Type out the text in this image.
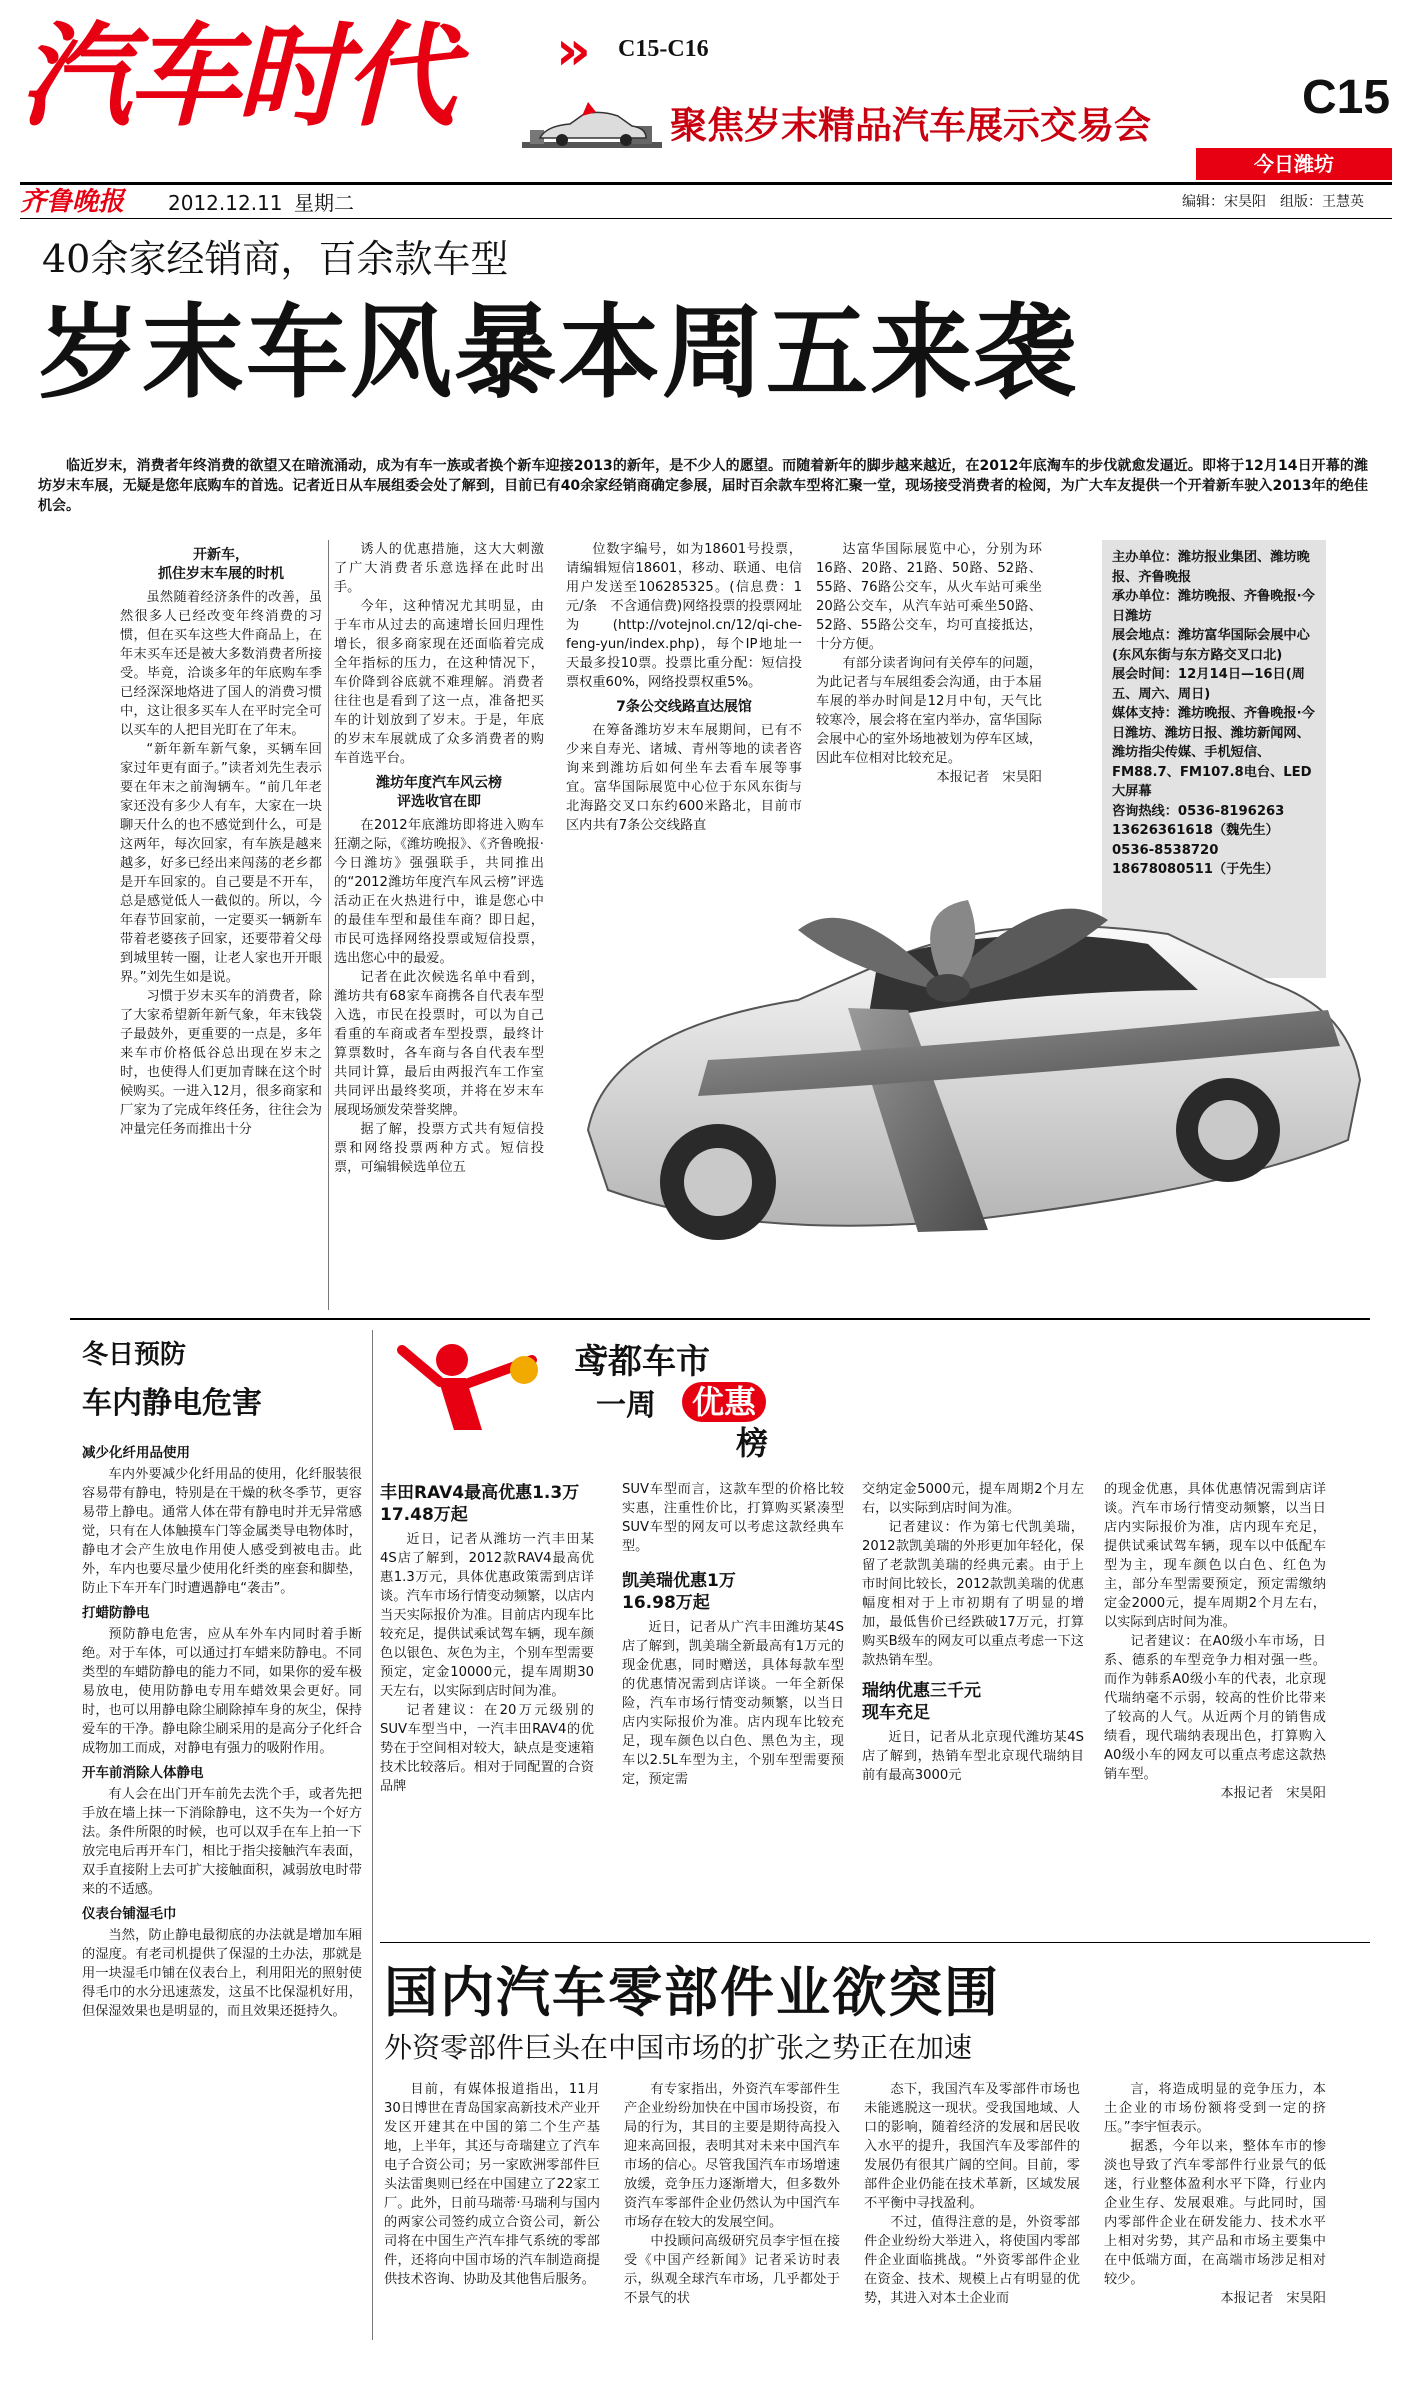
汽车时代 » C15-C16
聚焦岁末精品汽车展示交易会
C15
今日潍坊
齐鲁晚报 2012.12.11 星期二	编辑：宋昊阳　组版：王慧英
40余家经销商，百余款车型
岁末车风暴本周五来袭

临近岁末，消费者年终消费的欲望又在暗流涌动，成为有车一族或者换个新车迎接2013的新年，是不少人的愿望。而随着新年的脚步越来越近，在2012年底淘车的步伐就愈发逼近。即将于12月14日开幕的潍坊岁末车展，无疑是您年底购车的首选。记者近日从车展组委会处了解到，目前已有40余家经销商确定参展，届时百余款车型将汇聚一堂，现场接受消费者的检阅，为广大车友提供一个开着新车驶入2013年的绝佳机会。

开新车，
抓住岁末车展的时机

虽然随着经济条件的改善，虽然很多人已经改变年终消费的习惯，但在买车这些大件商品上，在年末买车还是被大多数消费者所接受。毕竟，洽谈多年的年底购车季已经深深地烙进了国人的消费习惯中，这让很多买车人在平时完全可以买车的人把目光盯在了年末。

“新年新车新气象，买辆车回家过年更有面子。”读者刘先生表示要在年末之前淘辆车。“前几年老家还没有多少人有车，大家在一块聊天什么的也不感觉到什么，可是这两年，每次回家，有车族是越来越多，好多已经出来闯荡的老乡都是开车回家的。自己要是不开车，总是感觉低人一截似的。所以，今年春节回家前，一定要买一辆新车带着老婆孩子回家，还要带着父母到城里转一圈，让老人家也开开眼界。”刘先生如是说。

习惯于岁末买车的消费者，除了大家希望新年新气象，年末钱袋子最鼓外，更重要的一点是，多年来车市价格低谷总出现在岁末之时，也使得人们更加青睐在这个时候购买。一进入12月，很多商家和厂家为了完成年终任务，往往会为冲量完任务而推出十分

诱人的优惠措施，这大大刺激了广大消费者乐意选择在此时出手。

今年，这种情况尤其明显，由于车市从过去的高速增长回归理性增长，很多商家现在还面临着完成全年指标的压力，在这种情况下，车价降到谷底就不难理解。消费者往往也是看到了这一点，准备把买车的计划放到了岁末。于是，年底的岁末车展就成了众多消费者的购车首选平台。

潍坊年度汽车风云榜
评选收官在即

在2012年底潍坊即将进入购车狂潮之际，《潍坊晚报》、《齐鲁晚报·今日潍坊》强强联手，共同推出的“2012潍坊年度汽车风云榜”评选活动正在火热进行中，谁是您心中的最佳车型和最佳车商？即日起，市民可选择网络投票或短信投票，选出您心中的最爱。

记者在此次候选名单中看到，潍坊共有68家车商携各自代表车型入选，市民在投票时，可以为自己看重的车商或者车型投票，最终计算票数时，各车商与各自代表车型共同计算，最后由两报汽车工作室共同评出最终奖项，并将在岁末车展现场颁发荣誉奖牌。

据了解，投票方式共有短信投票和网络投票两种方式。短信投票，可编辑候选单位五

位数字编号，如为18601号投票，请编辑短信18601，移动、联通、电信用户发送至106285325。(信息费：1元/条　不含通信费)网络投票的投票网址为(http://votejnol.cn/12/qi-che-feng-yun/index.php)，每个IP地址一天最多投10票。投票比重分配：短信投票权重60%，网络投票权重5%。

7条公交线路直达展馆

在筹备潍坊岁末车展期间，已有不少来自寿光、诸城、青州等地的读者咨询来到潍坊后如何坐车去看车展等事宜。富华国际展览中心位于东风东街与北海路交叉口东约600米路北，目前市区内共有7条公交线路直

达富华国际展览中心，分别为环16路、20路、21路、50路、52路、55路、76路公交车，从火车站可乘坐20路公交车，从汽车站可乘坐50路、52路、55路公交车，均可直接抵达，十分方便。

有部分读者询问有关停车的问题，为此记者与车展组委会沟通，由于本届车展的举办时间是12月中旬，天气比较寒冷，展会将在室内举办，富华国际会展中心的室外场地被划为停车区域，因此车位相对比较充足。

本报记者　宋昊阳

主办单位：潍坊报业集团、潍坊晚报、齐鲁晚报
承办单位：潍坊晚报、齐鲁晚报·今日潍坊
展会地点：潍坊富华国际会展中心(东风东街与东方路交叉口北)
展会时间：12月14日—16日(周五、周六、周日)
媒体支持：潍坊晚报、齐鲁晚报·今日潍坊、潍坊日报、潍坊新闻网、潍坊指尖传媒、手机短信、FM88.7、FM107.8电台、LED大屏幕
咨询热线：0536-8196263　13626361618（魏先生）
0536-8538720　18678080511（于先生）
冬日预防
车内静电危害
减少化纤用品使用

车内外要减少化纤用品的使用，化纤服装很容易带有静电，特别是在干燥的秋冬季节，更容易带上静电。通常人体在带有静电时并无异常感觉，只有在人体触摸车门等金属类导电物体时，静电才会产生放电作用使人感受到被电击。此外，车内也要尽量少使用化纤类的座套和脚垫，防止下车开车门时遭遇静电“袭击”。

打蜡防静电

预防静电危害，应从车外车内同时着手断绝。对于车体，可以通过打车蜡来防静电。不同类型的车蜡防静电的能力不同，如果你的爱车极易放电，使用防静电专用车蜡效果会更好。同时，也可以用静电除尘刷除掉车身的灰尘，保持爱车的干净。静电除尘刷采用的是高分子化纤合成物加工而成，对静电有强力的吸附作用。

开车前消除人体静电

有人会在出门开车前先去洗个手，或者先把手放在墙上抹一下消除静电，这不失为一个好方法。条件所限的时候，也可以双手在车上拍一下放完电后再开车门，相比于指尖接触汽车表面，双手直接附上去可扩大接触面积，减弱放电时带来的不适感。

仪表台铺湿毛巾

当然，防止静电最彻底的办法就是增加车厢的湿度。有老司机提供了保湿的土办法，那就是用一块湿毛巾铺在仪表台上，利用阳光的照射使得毛巾的水分迅速蒸发，这虽不比保湿机好用，但保湿效果也是明显的，而且效果还挺持久。

鸢都车市
一周	优惠
榜
丰田RAV4最高优惠1.3万
17.48万起

近日，记者从潍坊一汽丰田某4S店了解到，2012款RAV4最高优惠1.3万元，具体优惠政策需到店详谈。汽车市场行情变动频繁，以店内当天实际报价为准。目前店内现车比较充足，提供试乘试驾车辆，现车颜色以银色、灰色为主，个别车型需要预定，定金10000元，提车周期30天左右，以实际到店时间为准。

记者建议：在20万元级别的SUV车型当中，一汽丰田RAV4的优势在于空间相对较大，缺点是变速箱技术比较落后。相对于同配置的合资品牌

SUV车型而言，这款车型的价格比较实惠，注重性价比，打算购买紧凑型SUV车型的网友可以考虑这款经典车型。

凯美瑞优惠1万
16.98万起

近日，记者从广汽丰田潍坊某4S店了解到，凯美瑞全新最高有1万元的现金优惠，同时赠送，具体每款车型的优惠情况需到店详谈。一年全新保险，汽车市场行情变动频繁，以当日店内实际报价为准。店内现车比较充足，现车颜色以白色、黑色为主，现车以2.5L车型为主，个别车型需要预定，预定需

交纳定金5000元，提车周期2个月左右，以实际到店时间为准。

记者建议：作为第七代凯美瑞，2012款凯美瑞的外形更加年轻化，保留了老款凯美瑞的经典元素。由于上市时间比较长，2012款凯美瑞的优惠幅度相对于上市初期有了明显的增加，最低售价已经跌破17万元，打算购买B级车的网友可以重点考虑一下这款热销车型。

瑞纳优惠三千元
现车充足

近日，记者从北京现代潍坊某4S店了解到，热销车型北京现代瑞纳目前有最高3000元

的现金优惠，具体优惠情况需到店详谈。汽车市场行情变动频繁，以当日店内实际报价为准，店内现车充足，提供试乘试驾车辆，现车以中低配车型为主，现车颜色以白色、红色为主，部分车型需要预定，预定需缴纳定金2000元，提车周期2个月左右，以实际到店时间为准。

记者建议：在A0级小车市场，日系、德系的车型竞争力相对强一些。而作为韩系A0级小车的代表，北京现代瑞纳毫不示弱，较高的性价比带来了较高的人气。从近两个月的销售成绩看，现代瑞纳表现出色，打算购入A0级小车的网友可以重点考虑这款热销车型。

本报记者　宋昊阳

国内汽车零部件业欲突围
外资零部件巨头在中国市场的扩张之势正在加速

目前，有媒体报道指出，11月30日博世在青岛国家高新技术产业开发区开建其在中国的第二个生产基地，上半年，其还与奇瑞建立了汽车电子合资公司；另一家欧洲零部件巨头法雷奥则已经在中国建立了22家工厂。此外，日前马瑞蒂·马瑞利与国内的两家公司签约成立合资公司，新公司将在中国生产汽车排气系统的零部件，还将向中国市场的汽车制造商提供技术咨询、协助及其他售后服务。

有专家指出，外资汽车零部件生产企业纷纷加快在中国市场投资，布局的行为，其目的主要是期待高投入迎来高回报，表明其对未来中国汽车市场的信心。尽管我国汽车市场增速放缓，竞争压力逐渐增大，但多数外资汽车零部件企业仍然认为中国汽车市场存在较大的发展空间。

中投顾问高级研究员李宇恒在接受《中国产经新闻》记者采访时表示，纵观全球汽车市场，几乎都处于不景气的状

态下，我国汽车及零部件市场也未能逃脱这一现状。受我国地域、人口的影响，随着经济的发展和居民收入水平的提升，我国汽车及零部件的发展仍有很其广阔的空间。目前，零部件企业仍能在技术革新，区域发展不平衡中寻找盈利。

不过，值得注意的是，外资零部件企业纷纷大举进入，将使国内零部件企业面临挑战。“外资零部件企业在资金、技术、规模上占有明显的优势，其进入对本土企业而

言，将造成明显的竞争压力，本土企业的市场份额将受到一定的挤压。”李宇恒表示。

据悉，今年以来，整体车市的惨淡也导致了汽车零部件行业景气的低迷，行业整体盈利水平下降，行业内企业生存、发展艰难。与此同时，国内零部件企业在研发能力、技术水平上相对劣势，其产品和市场主要集中在中低端方面，在高端市场涉足相对较少。

本报记者　宋昊阳
